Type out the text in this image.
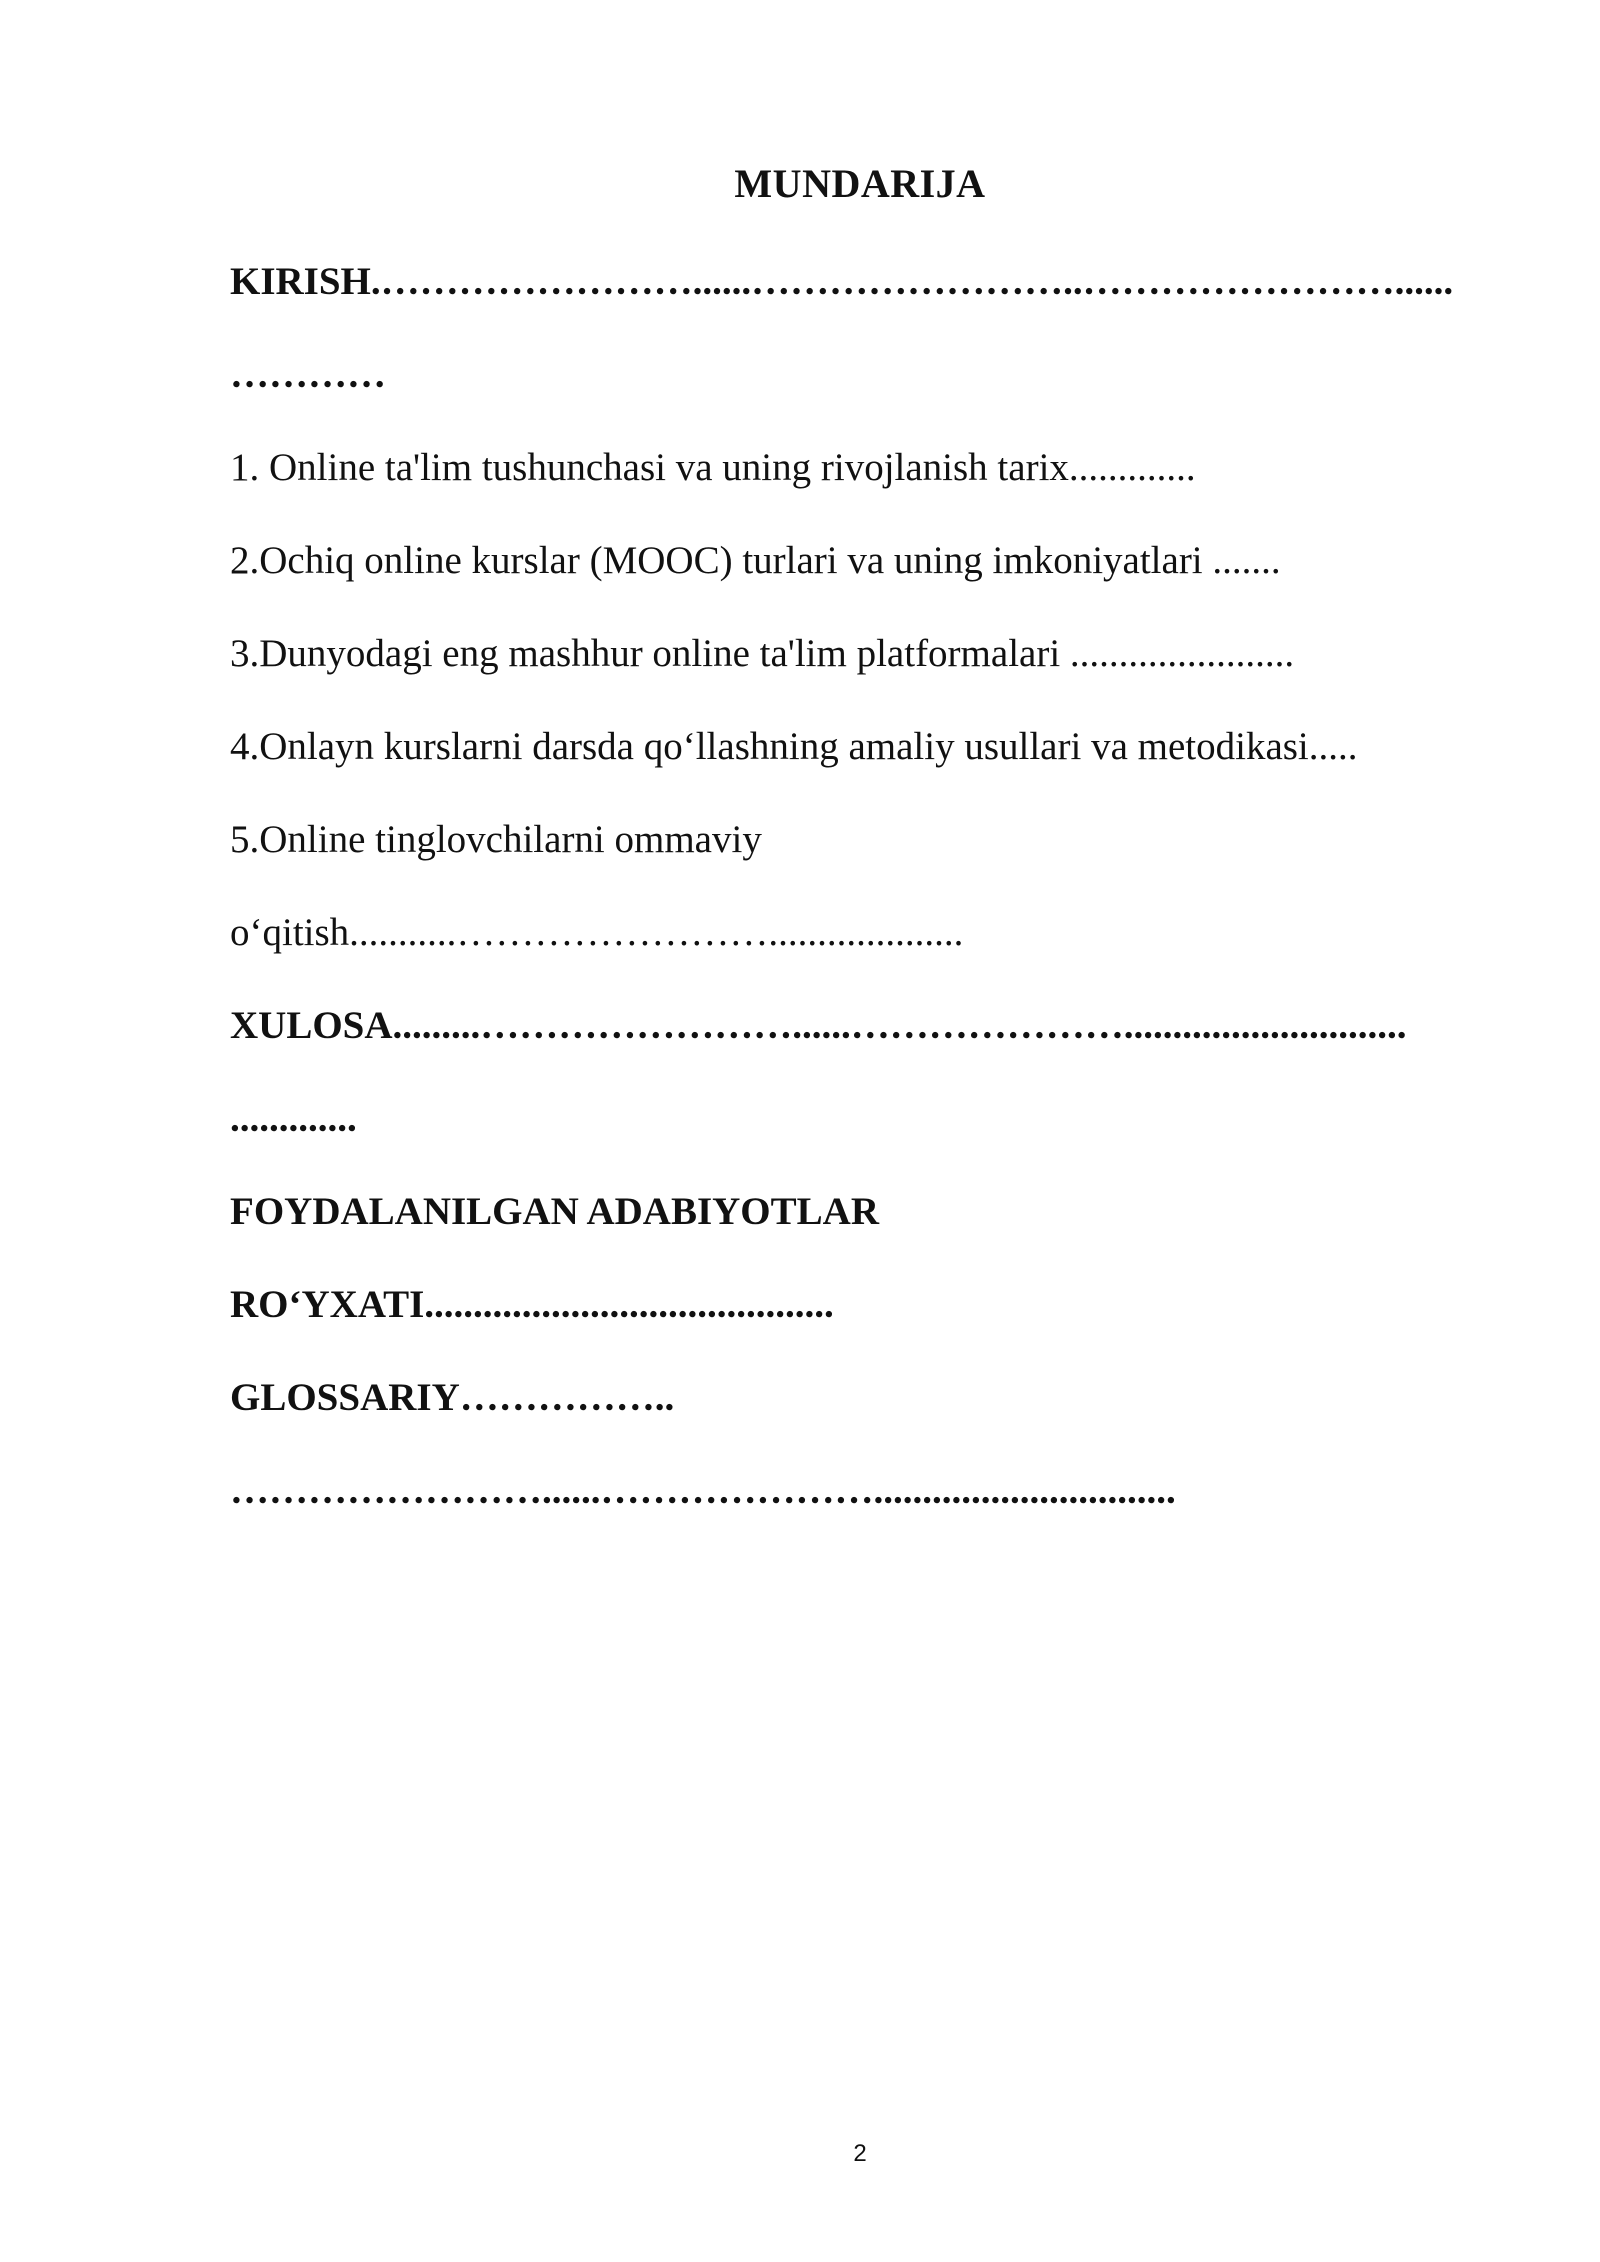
MUNDARIJA
KIRISH.……………………......……………………..……………………......
…………
1. Online ta'lim tushunchasi va uning rivojlanish tarix.............
2.Ochiq online kurslar (MOOC) turlari va uning imkoniyatlari .......
3.Dunyodagi eng mashhur online ta'lim platformalari .......................
4.Onlayn kurslarni darsda qo‘llashning amaliy usullari va metodikasi.....
5.Online tinglovchilarni ommaviy
o‘qitish...........……………………....................
XULOSA.........……………………......………………….............................
.............
FOYDALANILGAN ADABIYOTLAR
RO‘YXATI..........................................
GLOSSARIY……………..
……………………......…………………...............................
2
